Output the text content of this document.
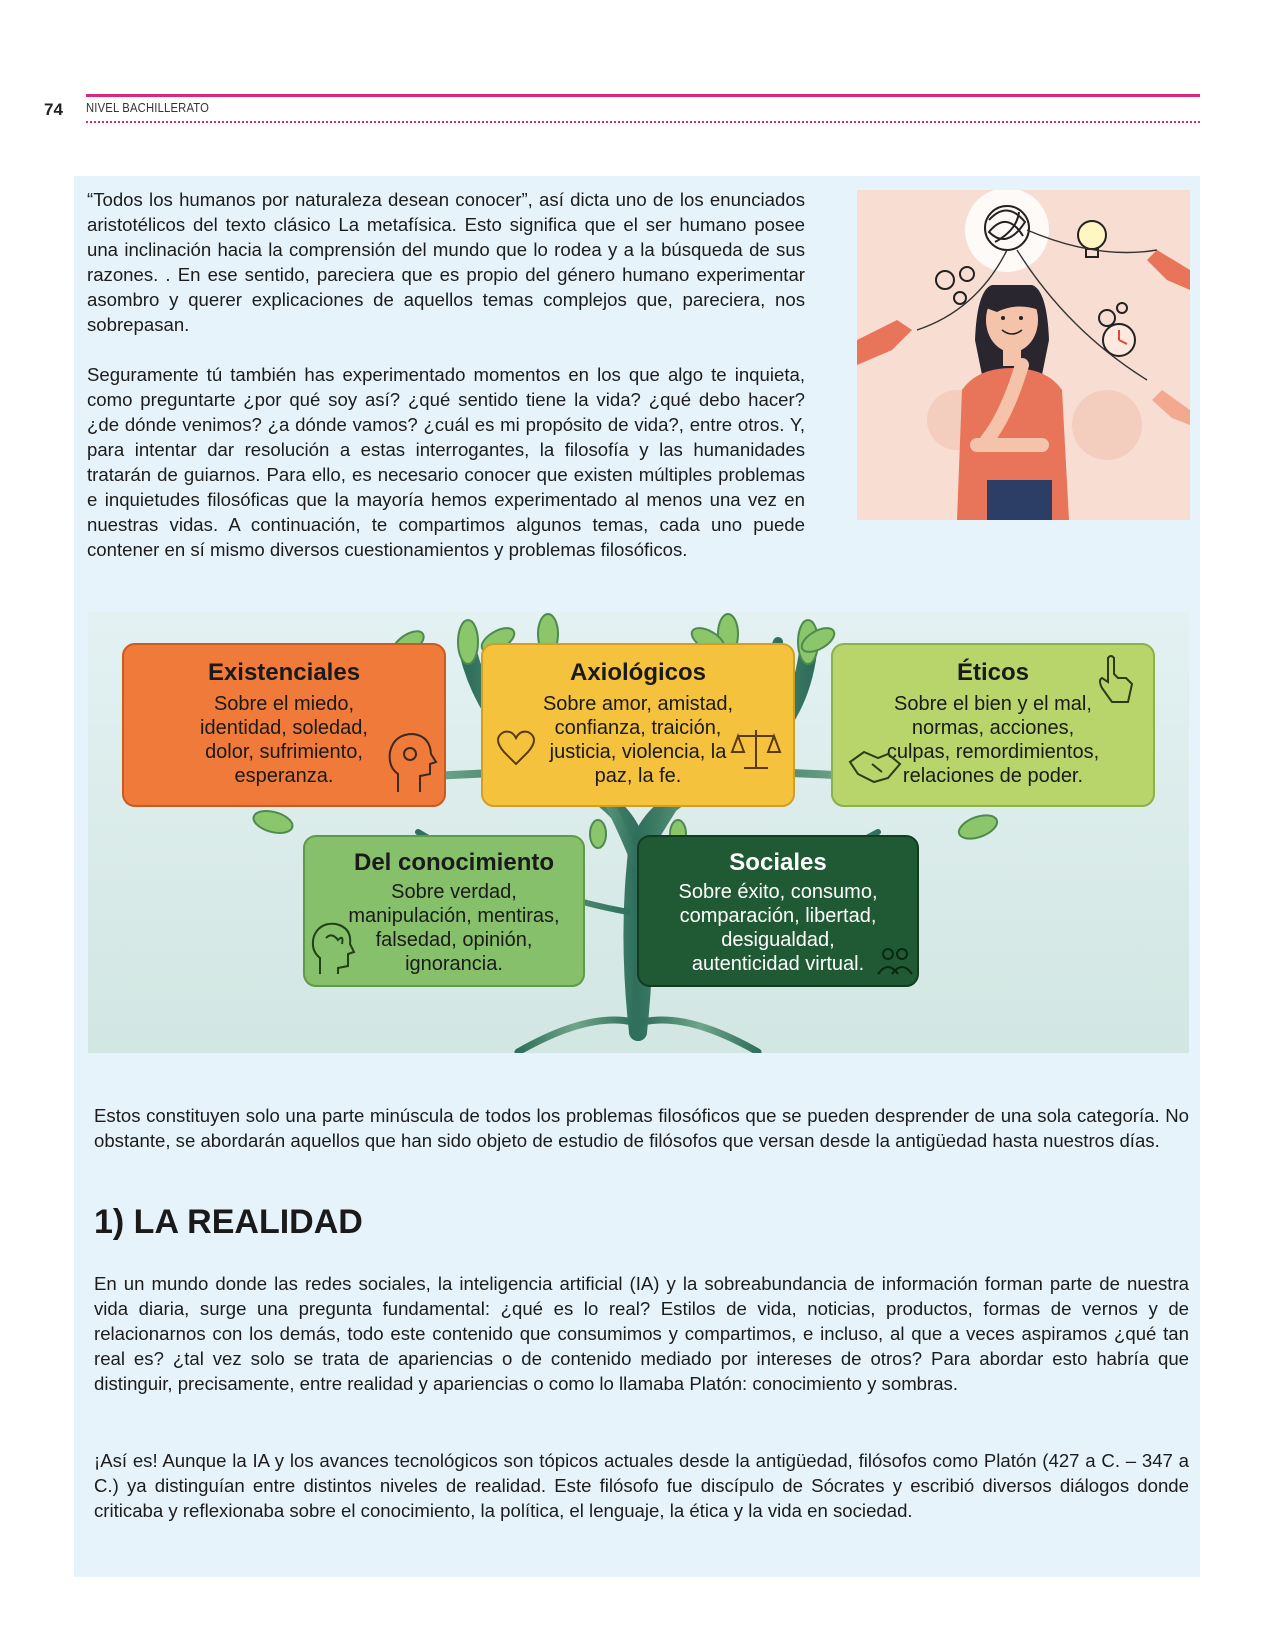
74 NIVEL BACHILLERATO

“Todos los humanos por naturaleza desean conocer”, así dicta uno de los enunciados aristotélicos del texto clásico La metafísica. Esto significa que el ser humano posee una inclinación hacia la comprensión del mundo que lo rodea y a la búsqueda de sus razones. . En ese sentido, pareciera que es propio del género humano experimentar asombro y querer explicaciones de aquellos temas complejos que, pareciera, nos sobrepasan.

Seguramente tú también has experimentado momentos en los que algo te inquieta, como preguntarte ¿por qué soy así? ¿qué sentido tiene la vida? ¿qué debo hacer? ¿de dónde venimos? ¿a dónde vamos? ¿cuál es mi propósito de vida?, entre otros. Y, para intentar dar resolución a estas interrogantes, la filosofía y las humanidades tratarán de guiarnos. Para ello, es necesario conocer que existen múltiples problemas e inquietudes filosóficas que la mayoría hemos experimentado al menos una vez en nuestras vidas. A continuación, te compartimos algunos temas, cada uno puede contener en sí mismo diversos cuestionamientos y problemas filosóficos.

Existenciales
Sobre el miedo,
identidad, soledad,
dolor, sufrimiento,
esperanza.
Axiológicos
Sobre amor, amistad,
confianza, traición,
justicia, violencia, la
paz, la fe.
Éticos
Sobre el bien y el mal,
normas, acciones,
culpas, remordimientos,
relaciones de poder.
Del conocimiento
Sobre verdad,
manipulación, mentiras,
falsedad, opinión,
ignorancia.
Sociales
Sobre éxito, consumo,
comparación, libertad,
desigualdad,
autenticidad virtual.

Estos constituyen solo una parte minúscula de todos los problemas filosóficos que se pueden desprender de una sola categoría. No obstante, se abordarán aquellos que han sido objeto de estudio de filósofos que versan desde la antigüedad hasta nuestros días.

1) LA REALIDAD

En un mundo donde las redes sociales, la inteligencia artificial (IA) y la sobreabundancia de información forman parte de nuestra vida diaria, surge una pregunta fundamental: ¿qué es lo real? Estilos de vida, noticias, productos, formas de vernos y de relacionarnos con los demás, todo este contenido que consumimos y compartimos, e incluso, al que a veces aspiramos ¿qué tan real es? ¿tal vez solo se trata de apariencias o de contenido mediado por intereses de otros? Para abordar esto habría que distinguir, precisamente, entre realidad y apariencias o como lo llamaba Platón: conocimiento y sombras.

¡Así es! Aunque la IA y los avances tecnológicos son tópicos actuales desde la antigüedad, filósofos como Platón (427 a C. – 347 a C.) ya distinguían entre distintos niveles de realidad. Este filósofo fue discípulo de Sócrates y escribió diversos diálogos donde criticaba y reflexionaba sobre el conocimiento, la política, el lenguaje, la ética y la vida en sociedad.
